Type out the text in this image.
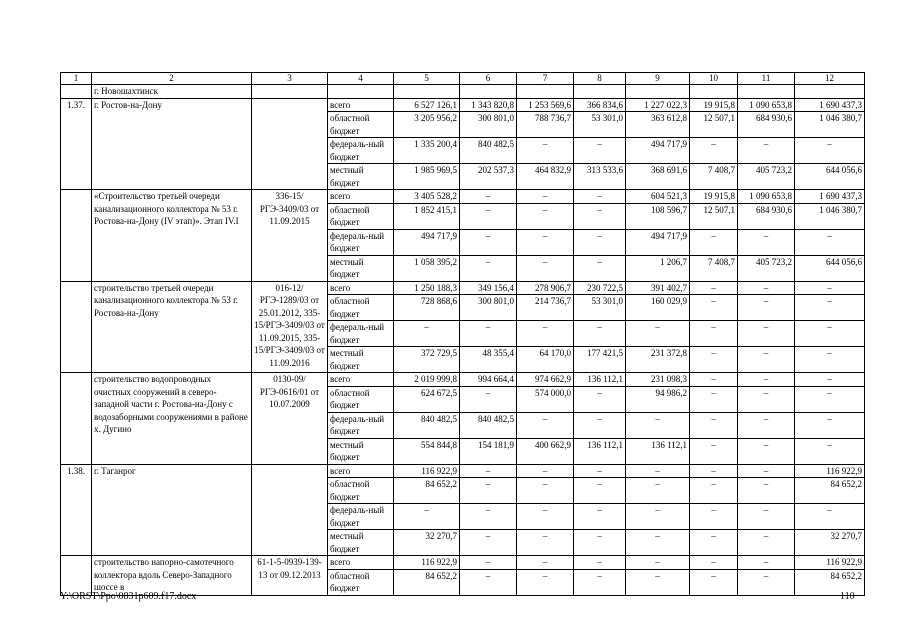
1	2	3	4	5	6	7	8	9	10	11	12
	г. Новошахтинск										
1.37.	г. Ростов-на-Дону		всего	6 527 126,1	1 343 820,8	1 253 569,6	366 834,6	1 227 022,3	19 915,8	1 090 653,8	1 690 437,3
			областной бюджет	3 205 956,2	300 801,0	788 736,7	53 301,0	363 612,8	12 507,1	684 930,6	1 046 380,7
			федераль-ный бюджет	1 335 200,4	840 482,5	–	–	494 717,9	–	–	–
			местный бюджет	1 985 969,5	202 537,3	464 832,9	313 533,6	368 691,6	7 408,7	405 723,2	644 056,6
	«Строительство третьей очереди канализационного коллектора № 53 г. Ростова-на-Дону (IV этап)». Этап IV.I	336-15/РГЭ-3409/03 от 11.09.2015	всего	3 405 528,2	–	–	–	604 521,3	19 915,8	1 090 653,8	1 690 437,3
			областной бюджет	1 852 415,1	–	–	–	108 596,7	12 507,1	684 930,6	1 046 380,7
			федераль-ный бюджет	494 717,9	–	–	–	494 717,9	–	–	–
			местный бюджет	1 058 395,2	–	–	–	1 206,7	7 408,7	405 723,2	644 056,6
	строительство третьей очереди канализационного коллектора № 53 г. Ростова-на-Дону	016-12/РГЭ-1289/03 от 25.01.2012, 335-15/РГЭ-3409/03 от 11.09.2015, 335-15/РГЭ-3409/03 от 11.09.2016	всего	1 250 188,3	349 156,4	278 906,7	230 722,5	391 402,7	–	–	–
			областной бюджет	728 868,6	300 801,0	214 736,7	53 301,0	160 029,9	–	–	–
			федераль-ный бюджет	–	–	–	–	–	–	–	–
			местный бюджет	372 729,5	48 355,4	64 170,0	177 421,5	231 372,8	–	–	–
	строительство водопроводных очистных сооружений в северо-западной части г. Ростова-на-Дону с водозаборными сооружениями в районе х. Дугино	0130-09/РГЭ-0616/01 от 10.07.2009	всего	2 019 999,8	994 664,4	974 662,9	136 112,1	231 098,3	–	–	–
			областной бюджет	624 672,5	–	574 000,0	–	94 986,2	–	–	–
			федераль-ный бюджет	840 482,5	840 482,5	–	–	–	–	–	–
			местный бюджет	554 844,8	154 181,9	400 662,9	136 112,1	136 112,1	–	–	–
1.38.	г. Таганрог		всего	116 922,9	–	–	–	–	–	–	116 922,9
			областной бюджет	84 652,2	–	–	–	–	–	–	84 652,2
			федераль-ный бюджет	–	–	–	–	–	–	–	–
			местный бюджет	32 270,7	–	–	–	–	–	–	32 270,7
	строительство напорно-самотечного коллектора вдоль Северо-Западного шоссе в	61-1-5-0939-139-13 от 09.12.2013	всего	116 922,9	–	–	–	–	–	–	116 922,9
			областной бюджет	84 652,2	–	–	–	–	–	–	84 652,2
Y:\ORST\Ppo\0831p609.f17.docx	110
